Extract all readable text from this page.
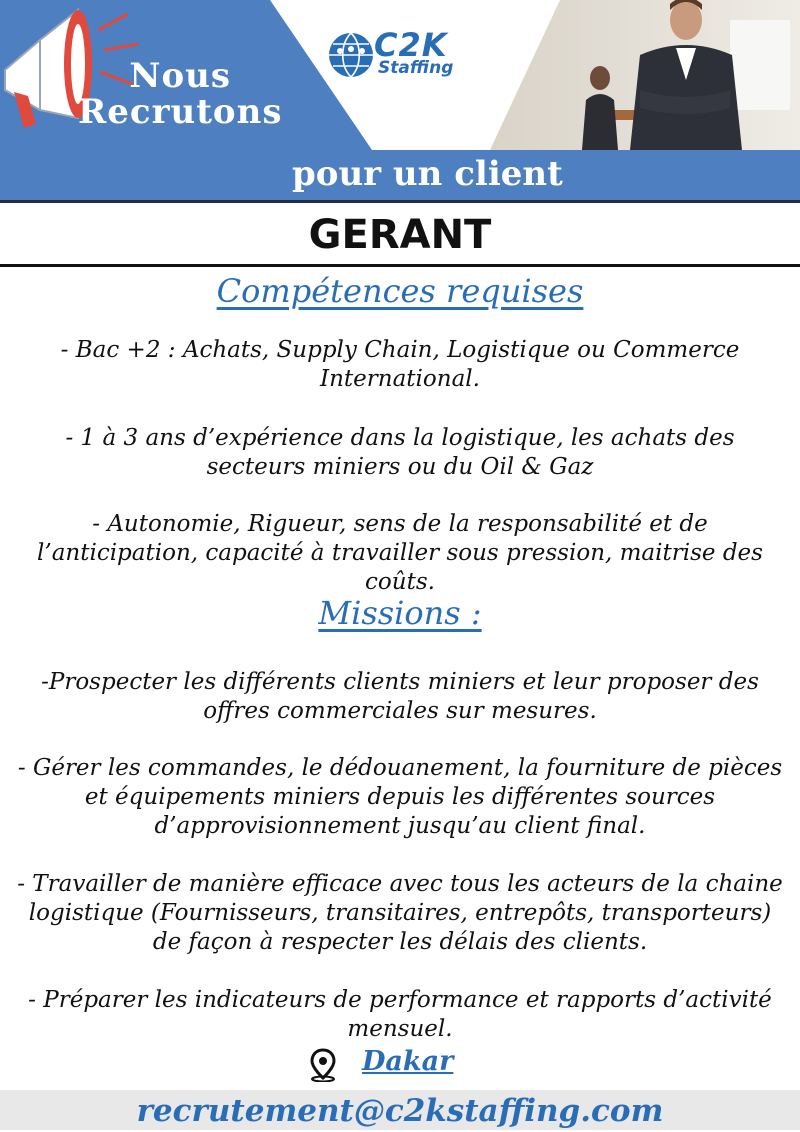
Nous
Recrutons
C2K
Staffing
pour un client
GERANT
Compétences requises
- Bac +2 : Achats, Supply Chain, Logistique ou Commerce International.
- 1 à 3 ans d’expérience dans la logistique, les achats des secteurs miniers ou du Oil & Gaz
- Autonomie, Rigueur, sens de la responsabilité et de l’anticipation, capacité à travailler sous pression, maitrise des coûts.
Missions :
-Prospecter les différents clients miniers et leur proposer des offres commerciales sur mesures.
- Gérer les commandes, le dédouanement, la fourniture de pièces et équipements miniers depuis les différentes sources d’approvisionnement jusqu’au client final.
- Travailler de manière efficace avec tous les acteurs de la chaine logistique (Fournisseurs, transitaires, entrepôts, transporteurs) de façon à respecter les délais des clients.
- Préparer les indicateurs de performance et rapports d’activité mensuel.
Dakar
recrutement@c2kstaffing.com
